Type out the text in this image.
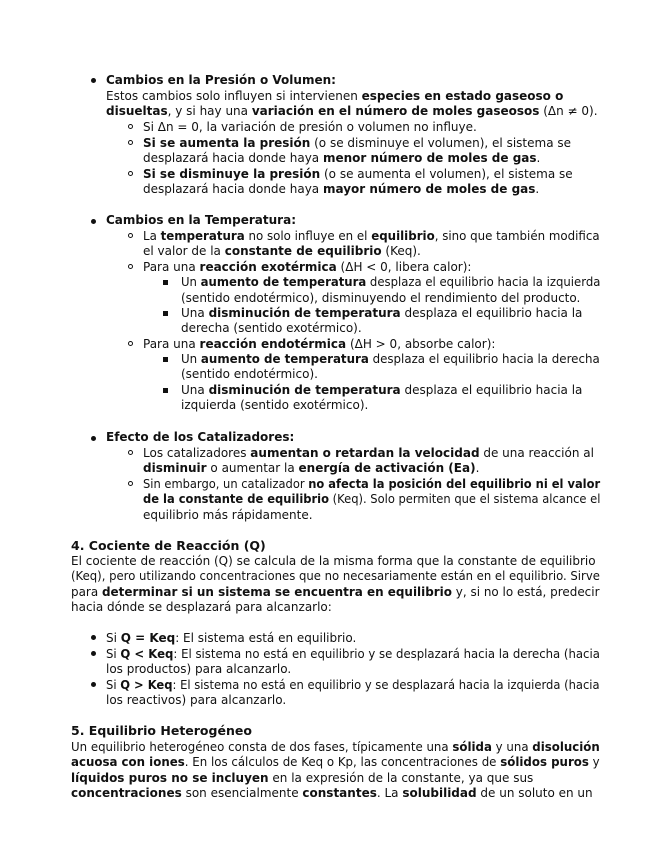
Cambios en la Presión o Volumen:
Estos cambios solo influyen si intervienen especies en estado gaseoso o
disueltas, y si hay una variación en el número de moles gaseosos (Δn ≠ 0).
Si Δn = 0, la variación de presión o volumen no influye.
Si se aumenta la presión (o se disminuye el volumen), el sistema se
desplazará hacia donde haya menor número de moles de gas.
Si se disminuye la presión (o se aumenta el volumen), el sistema se
desplazará hacia donde haya mayor número de moles de gas.
Cambios en la Temperatura:
La temperatura no solo influye en el equilibrio, sino que también modifica
el valor de la constante de equilibrio (Keq).
Para una reacción exotérmica (ΔH < 0, libera calor):
Un aumento de temperatura desplaza el equilibrio hacia la izquierda
(sentido endotérmico), disminuyendo el rendimiento del producto.
Una disminución de temperatura desplaza el equilibrio hacia la
derecha (sentido exotérmico).
Para una reacción endotérmica (ΔH > 0, absorbe calor):
Un aumento de temperatura desplaza el equilibrio hacia la derecha
(sentido endotérmico).
Una disminución de temperatura desplaza el equilibrio hacia la
izquierda (sentido exotérmico).
Efecto de los Catalizadores:
Los catalizadores aumentan o retardan la velocidad de una reacción al
disminuir o aumentar la energía de activación (Ea).
Sin embargo, un catalizador no afecta la posición del equilibrio ni el valor
de la constante de equilibrio (Keq). Solo permiten que el sistema alcance el
equilibrio más rápidamente.
4. Cociente de Reacción (Q)
El cociente de reacción (Q) se calcula de la misma forma que la constante de equilibrio
(Keq), pero utilizando concentraciones que no necesariamente están en el equilibrio. Sirve
para determinar si un sistema se encuentra en equilibrio y, si no lo está, predecir
hacia dónde se desplazará para alcanzarlo:
Si Q = Keq: El sistema está en equilibrio.
Si Q < Keq: El sistema no está en equilibrio y se desplazará hacia la derecha (hacia
los productos) para alcanzarlo.
Si Q > Keq: El sistema no está en equilibrio y se desplazará hacia la izquierda (hacia
los reactivos) para alcanzarlo.
5. Equilibrio Heterogéneo
Un equilibrio heterogéneo consta de dos fases, típicamente una sólida y una disolución
acuosa con iones. En los cálculos de Keq o Kp, las concentraciones de sólidos puros y
líquidos puros no se incluyen en la expresión de la constante, ya que sus
concentraciones son esencialmente constantes. La solubilidad de un soluto en un
